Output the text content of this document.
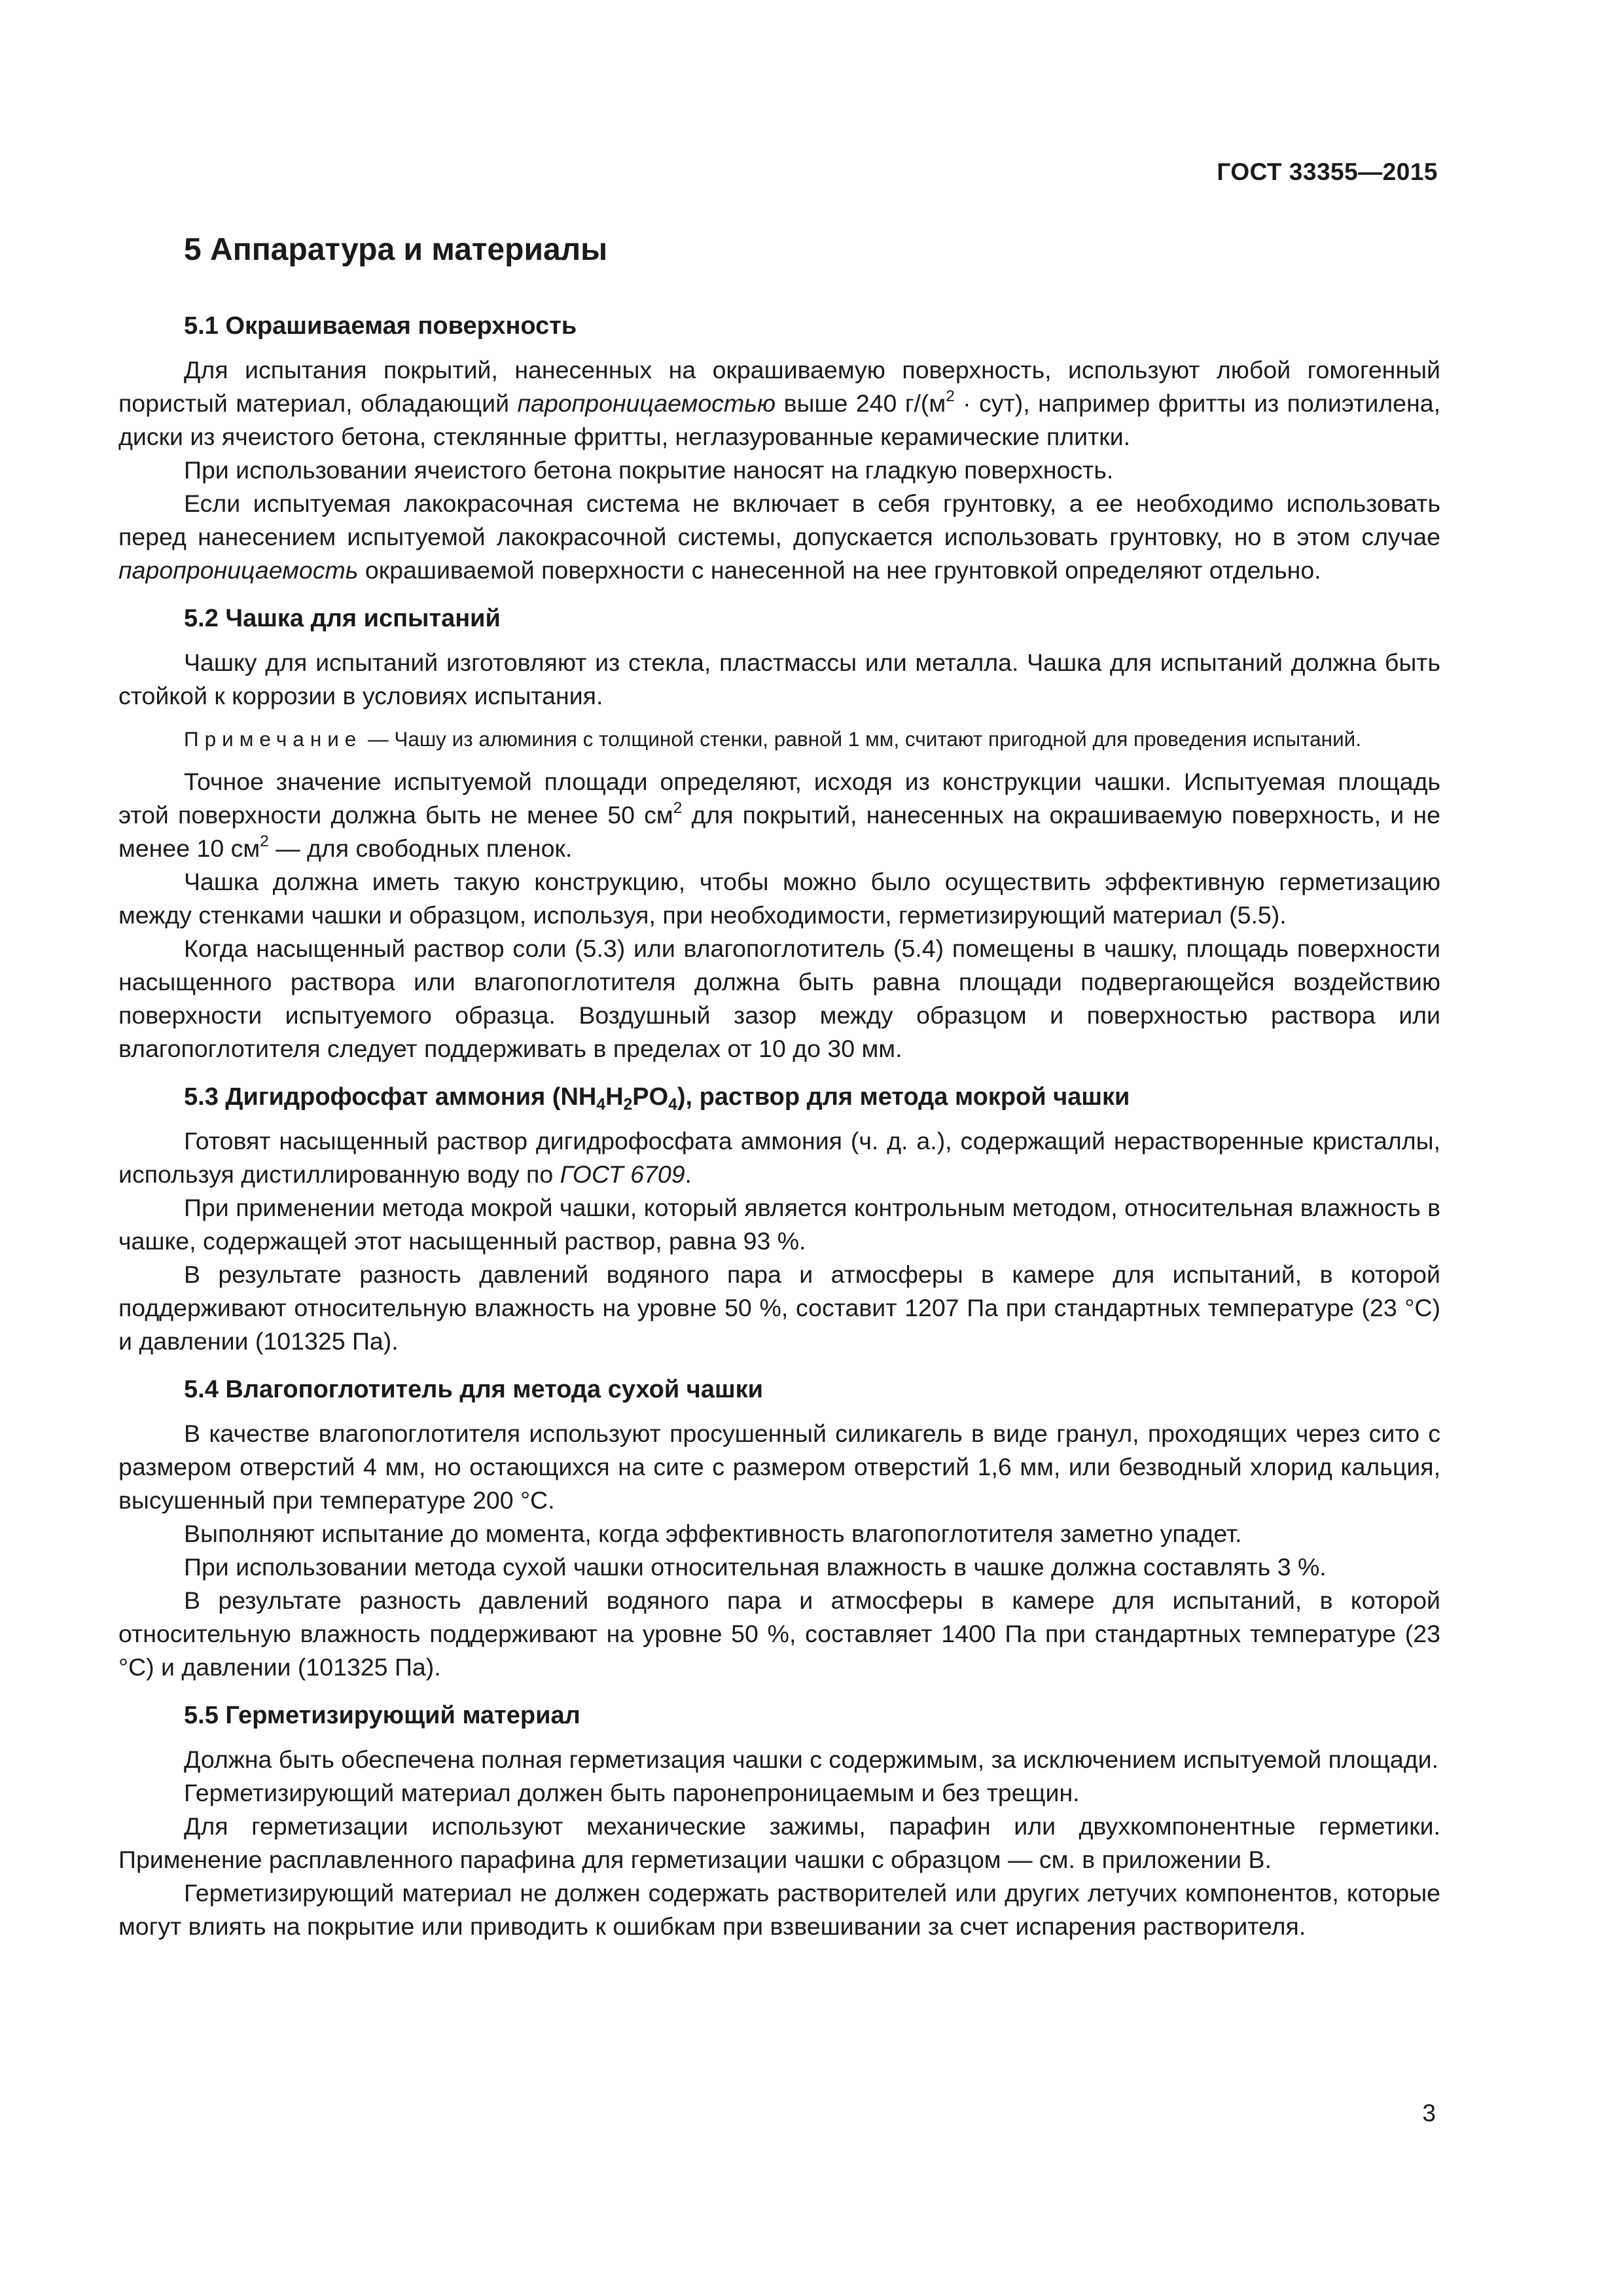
ГОСТ 33355—2015
5 Аппаратура и материалы
5.1 Окрашиваемая поверхность

Для испытания покрытий, нанесенных на окрашиваемую поверхность, используют любой гомогенный пористый материал, обладающий паропроницаемостью выше 240 $г/(м^2 \cdot сут)$, например фритты из полиэтилена, диски из ячеистого бетона, стеклянные фритты, неглазурованные керамические плитки.

При использовании ячеистого бетона покрытие наносят на гладкую поверхность.

Если испытуемая лакокрасочная система не включает в себя грунтовку, а ее необходимо использовать перед нанесением испытуемой лакокрасочной системы, допускается использовать грунтовку, но в этом случае паропроницаемость окрашиваемой поверхности с нанесенной на нее грунтовкой определяют отдельно.

5.2 Чашка для испытаний

Чашку для испытаний изготовляют из стекла, пластмассы или металла. Чашка для испытаний должна быть стойкой к коррозии в условиях испытания.

Примечание — Чашу из алюминия с толщиной стенки, равной 1 мм, считают пригодной для проведения испытаний.

Точное значение испытуемой площади определяют, исходя из конструкции чашки. Испытуемая площадь этой поверхности должна быть не менее 50 $см^2$ для покрытий, нанесенных на окрашиваемую поверхность, и не менее 10 $см^2$ — для свободных пленок.

Чашка должна иметь такую конструкцию, чтобы можно было осуществить эффективную герметизацию между стенками чашки и образцом, используя, при необходимости, герметизирующий материал (5.5).

Когда насыщенный раствор соли (5.3) или влагопоглотитель (5.4) помещены в чашку, площадь поверхности насыщенного раствора или влагопоглотителя должна быть равна площади подвергающейся воздействию поверхности испытуемого образца. Воздушный зазор между образцом и поверхностью раствора или влагопоглотителя следует поддерживать в пределах от 10 до 30 мм.

5.3 Дигидрофосфат аммония $(NH_4H_2PO_4)$, раствор для метода мокрой чашки

Готовят насыщенный раствор дигидрофосфата аммония (ч. д. а.), содержащий нерастворенные кристаллы, используя дистиллированную воду по ГОСТ 6709.

При применении метода мокрой чашки, который является контрольным методом, относительная влажность в чашке, содержащей этот насыщенный раствор, равна 93 %.

В результате разность давлений водяного пара и атмосферы в камере для испытаний, в которой поддерживают относительную влажность на уровне 50 %, составит 1207 Па при стандартных температуре (23 °C) и давлении (101325 Па).

5.4 Влагопоглотитель для метода сухой чашки

В качестве влагопоглотителя используют просушенный силикагель в виде гранул, проходящих через сито с размером отверстий 4 мм, но остающихся на сите с размером отверстий 1,6 мм, или безводный хлорид кальция, высушенный при температуре 200 °C.

Выполняют испытание до момента, когда эффективность влагопоглотителя заметно упадет.

При использовании метода сухой чашки относительная влажность в чашке должна составлять 3 %.

В результате разность давлений водяного пара и атмосферы в камере для испытаний, в которой относительную влажность поддерживают на уровне 50 %, составляет 1400 Па при стандартных температуре (23 °C) и давлении (101325 Па).

5.5 Герметизирующий материал

Должна быть обеспечена полная герметизация чашки с содержимым, за исключением испытуемой площади.

Герметизирующий материал должен быть паронепроницаемым и без трещин.

Для герметизации используют механические зажимы, парафин или двухкомпонентные герметики. Применение расплавленного парафина для герметизации чашки с образцом — см. в приложении В.

Герметизирующий материал не должен содержать растворителей или других летучих компонентов, которые могут влиять на покрытие или приводить к ошибкам при взвешивании за счет испарения растворителя.

3
